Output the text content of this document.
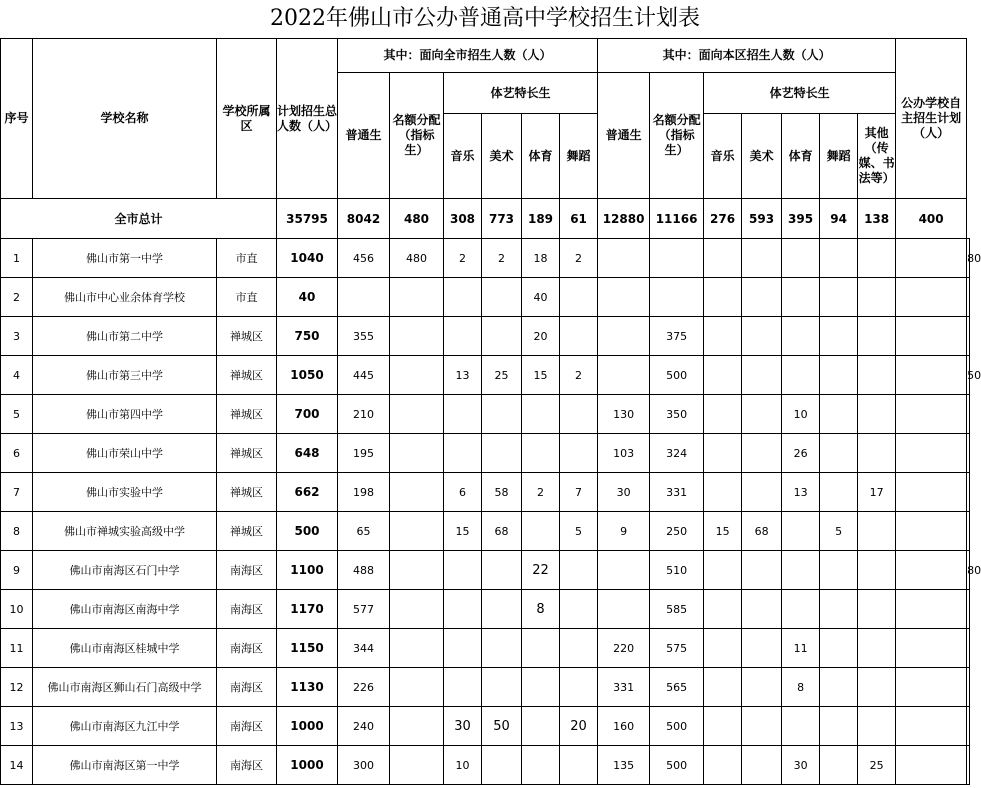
2022年佛山市公办普通高中学校招生计划表
序号	学校名称	学校所属区	计划招生总人数（人）	其中：面向全市招生人数（人）						其中：面向本区招生人数（人）							公办学校自主招生计划（人）	
				普通生	名额分配（指标生）	体艺特长生				普通生	名额分配（指标生）	体艺特长生						
						音乐	美术	体育	舞蹈			音乐	美术	体育	舞蹈	其他（传媒、书法等）		
全市总计			35795	8042	480	308	773	189	61	12880	11166	276	593	395	94	138	400	
1	佛山市第一中学	市直	1040	456	480	2	2	18	2									80
2	佛山市中心业余体育学校	市直	40					40										
3	佛山市第二中学	禅城区	750	355				20			375							
4	佛山市第三中学	禅城区	1050	445		13	25	15	2		500							50
5	佛山市第四中学	禅城区	700	210						130	350			10				
6	佛山市荣山中学	禅城区	648	195						103	324			26				
7	佛山市实验中学	禅城区	662	198		6	58	2	7	30	331			13		17		
8	佛山市禅城实验高级中学	禅城区	500	65		15	68		5	9	250	15	68		5			
9	佛山市南海区石门中学	南海区	1100	488				22			510							80
10	佛山市南海区南海中学	南海区	1170	577				8			585							
11	佛山市南海区桂城中学	南海区	1150	344						220	575			11				
12	佛山市南海区狮山石门高级中学	南海区	1130	226						331	565			8				
13	佛山市南海区九江中学	南海区	1000	240		30	50		20	160	500							
14	佛山市南海区第一中学	南海区	1000	300		10				135	500			30		25		
